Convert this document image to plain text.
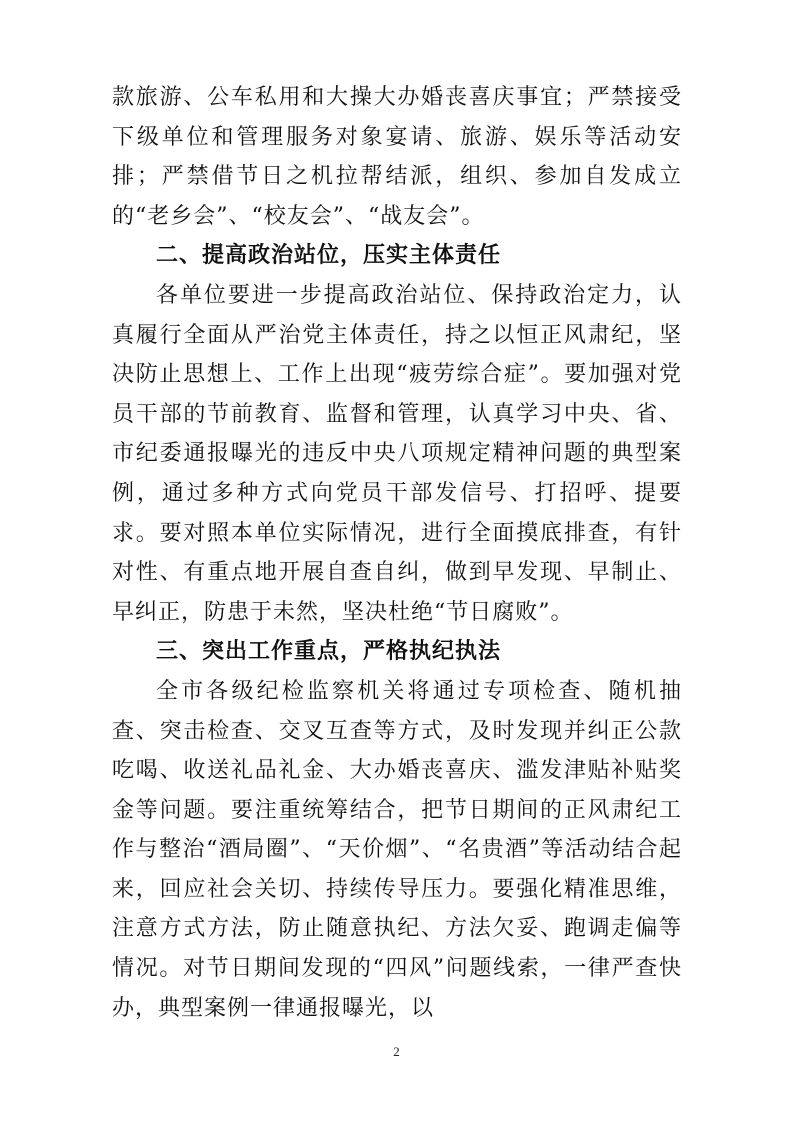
款旅游、公车私用和大操大办婚丧喜庆事宜；严禁接受下级单位和管理服务对象宴请、旅游、娱乐等活动安排；严禁借节日之机拉帮结派，组织、参加自发成立的“老乡会”、“校友会”、“战友会”。

二、提高政治站位，压实主体责任

各单位要进一步提高政治站位、保持政治定力，认真履行全面从严治党主体责任，持之以恒正风肃纪，坚决防止思想上、工作上出现“疲劳综合症”。要加强对党员干部的节前教育、监督和管理，认真学习中央、省、市纪委通报曝光的违反中央八项规定精神问题的典型案例，通过多种方式向党员干部发信号、打招呼、提要求。要对照本单位实际情况，进行全面摸底排查，有针对性、有重点地开展自查自纠，做到早发现、早制止、早纠正，防患于未然，坚决杜绝“节日腐败”。

三、突出工作重点，严格执纪执法

全市各级纪检监察机关将通过专项检查、随机抽查、突击检查、交叉互查等方式，及时发现并纠正公款吃喝、收送礼品礼金、大办婚丧喜庆、滥发津贴补贴奖金等问题。要注重统筹结合，把节日期间的正风肃纪工作与整治“酒局圈”、“天价烟”、“名贵酒”等活动结合起来，回应社会关切、持续传导压力。要强化精准思维，注意方式方法，防止随意执纪、方法欠妥、跑调走偏等情况。对节日期间发现的“四风”问题线索，一律严查快办，典型案例一律通报曝光，以

2
